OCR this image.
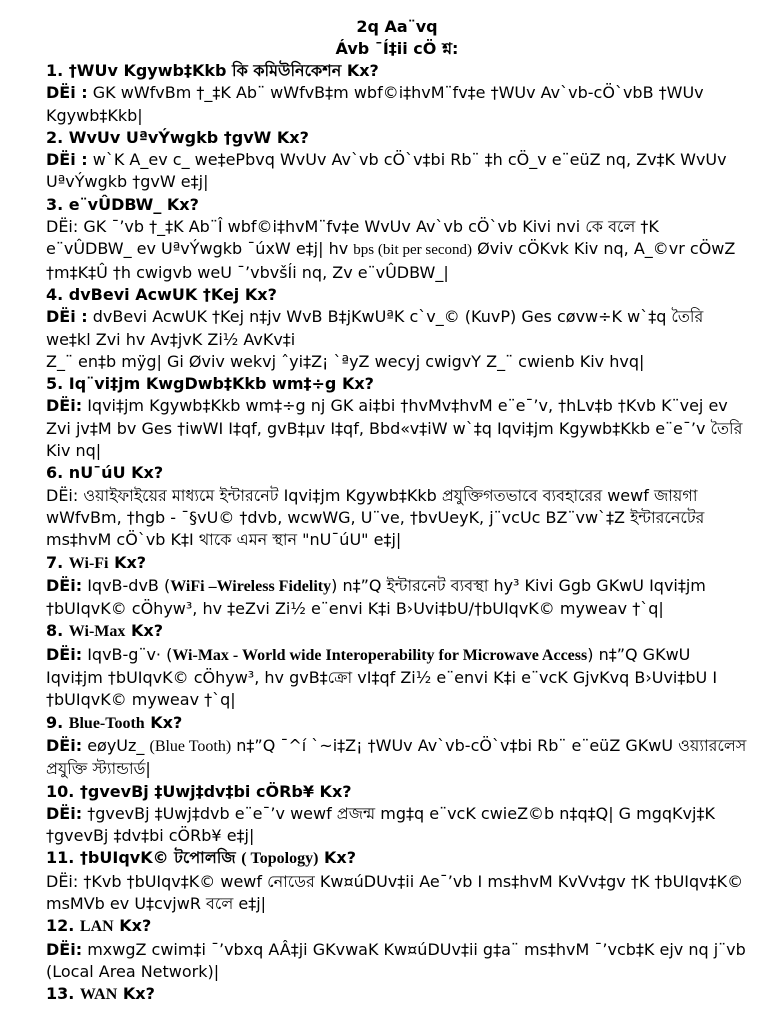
2q Aa¨vq
Ávb ¯Í‡ii cÖ শ্ন:
1. †WUv Kgywb‡Kkb কি কমিউনিকেশন Kx?
DËi : GK wWfvBm †_‡K Ab¨ wWfvB‡m wbf©i‡hvM¨fv‡e †WUv Av`vb-cÖ`vbB †WUv Kgywb‡Kkb|
2. WvUv UªvÝwgkb †gvW Kx?
DËi : w`K A_ev c_ we‡ePbvq WvUv Av`vb cÖ`v‡bi Rb¨ ‡h cÖ_v e¨eüZ nq, Zv‡K WvUv UªvÝwgkb †gvW e‡j|
3. e¨vÛDBW_ Kx?
DËi: GK ¯’vb †_‡K Ab¨Î wbf©i‡hvM¨fv‡e WvUv Av`vb cÖ`vb Kivi nvi কে বলে †K e¨vÛDBW_ ev UªvÝwgkb ¯úxW e‡j| hv bps (bit per second) Øviv cÖKvk Kiv nq, A_©vr cÖwZ †m‡K‡Û †h cwigvb weU ¯’vbvšÍi nq, Zv e¨vÛDBW_|
4. dvBevi AcwUK †Kej Kx?
DËi : dvBevi AcwUK †Kej n‡jv WvB B‡jKwUªK c`v_© (KuvP) Ges cøvw÷K w`‡q তৈরি we‡kl Zvi hv Av‡jvK Zi½ AvKv‡i
Z_¨ en‡b mÿg| Gi Øviv wekvj ˆyi‡Z¡ `ªyZ wecyj cwigvY Z_¨ cwienb Kiv hvq|
5. Iq¨vi‡jm KwgDwb‡Kkb wm‡÷g Kx?
DËi: Iqvi‡jm Kgywb‡Kkb wm‡÷g nj GK ai‡bi †hvMv‡hvM e¨e¯’v, †hLv‡b †Kvb K¨vej ev Zvi jv‡M bv Ges †iwWI I‡qf, gvB‡µv I‡qf, Bbd«v‡iW w`‡q Iqvi‡jm Kgywb‡Kkb e¨e¯’v তৈরি Kiv nq|
6. nU¯úU Kx?
DËi: ওয়াইফাইয়ের মাধ্যমে ইন্টারনেট Iqvi‡jm Kgywb‡Kkb প্রযুক্তিগতভাবে ব্যবহারের wewf জায়গা wWfvBm, †hgb - ¯§vU© †dvb, wcwWG, U¨ve, †bvUeyK, j¨vcUc BZ¨vw`‡Z ইন্টারনেটের ms‡hvM cÖ`vb K‡I থাকে এমন স্থান "nU¯úU" e‡j|
7. Wi-Fi Kx?
DËi: IqvB-dvB (WiFi –Wireless Fidelity) n‡”Q ইন্টারনেট ব্যবস্থা hy³ Kivi Ggb GKwU Iqvi‡jm †bUIqvK© cÖhyw³, hv ‡eZvi Zi½ e¨envi K‡i B›Uvi‡bU/†bUIqvK© myweav †`q|
8. Wi-Max Kx?
DËi: IqvB-g¨v· (Wi-Max - World wide Interoperability for Microwave Access) n‡”Q GKwU Iqvi‡jm †bUIqvK© cÖhyw³, hv gvB‡ক্রো vI‡qf Zi½ e¨envi K‡i e¨vcK GjvKvq B›Uvi‡bU I †bUIqvK© myweav †`q|
9. Blue-Tooth Kx?
DËi: eøyUz_ (Blue Tooth) n‡”Q ¯^í `~i‡Z¡ †WUv Av`vb-cÖ`v‡bi Rb¨ e¨eüZ GKwU ওয়্যারলেস প্রযুক্তি স্ট্যান্ডার্ড|
10. †gvevBj ‡Uwj‡dv‡bi cÖRb¥ Kx?
DËi: †gvevBj ‡Uwj‡dvb e¨e¯’v wewf প্রজন্ম mg‡q e¨vcK cwieZ©b n‡q‡Q| G mgqKvj‡K †gvevBj ‡dv‡bi cÖRb¥ e‡j|
11. †bUIqvK© টপোলজি ( Topology) Kx?
DËi: †Kvb †bUIqv‡K© wewf নোডের Kw¤úDUv‡ii Ae¯’vb I ms‡hvM KvVv‡gv †K †bUIqv‡K© msMVb ev U‡cvjwR বলে e‡j|
12. LAN Kx?
DËi: mxwgZ cwim‡i ¯’vbxq AÂ‡ji GKvwaK Kw¤úDUv‡ii g‡a¨ ms‡hvM ¯’vcb‡K ejv nq j¨vb (Local Area Network)|
13. WAN Kx?
